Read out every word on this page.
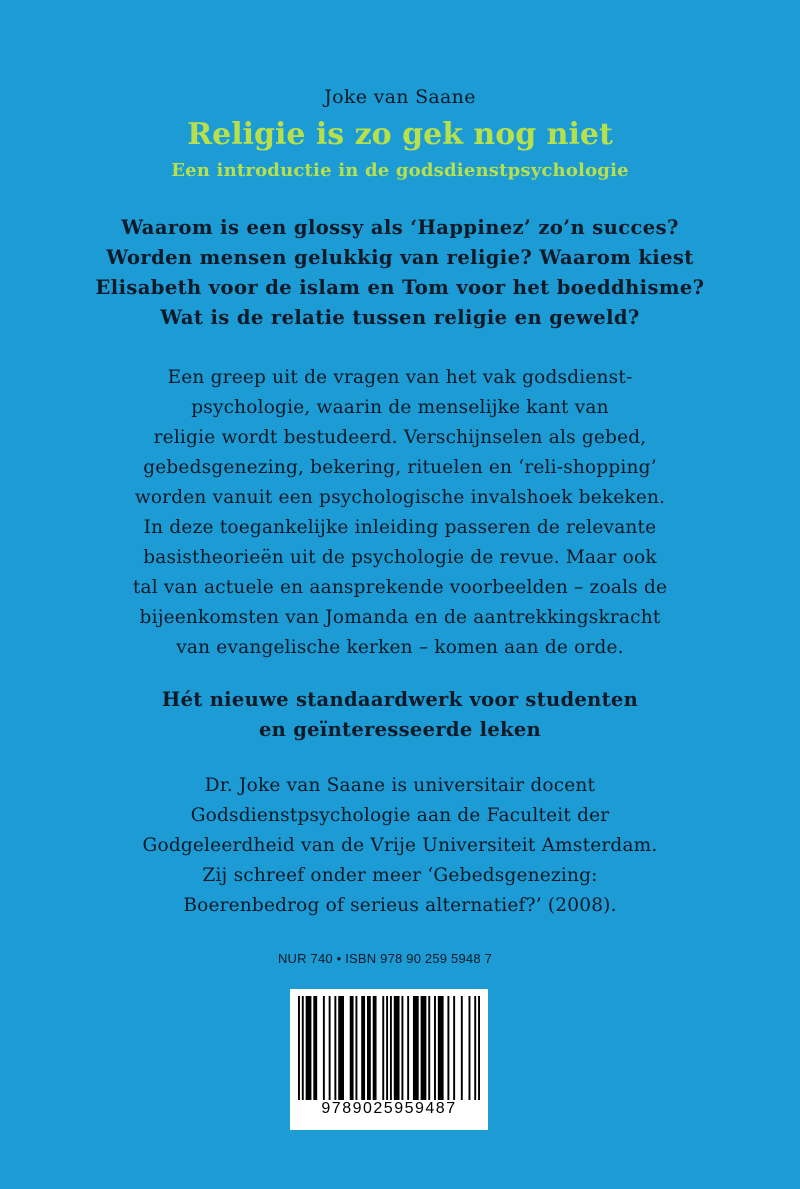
Joke van Saane
Religie is zo gek nog niet
Een introductie in de godsdienstpsychologie
Waarom is een glossy als ‘Happinez’ zo’n succes?
Worden mensen gelukkig van religie? Waarom kiest
Elisabeth voor de islam en Tom voor het boeddhisme?
Wat is de relatie tussen religie en geweld?
Een greep uit de vragen van het vak godsdienst-
psychologie, waarin de menselijke kant van
religie wordt bestudeerd. Verschijnselen als gebed,
gebedsgenezing, bekering, rituelen en ‘reli-shopping’
worden vanuit een psychologische invalshoek bekeken.
In deze toegankelijke inleiding passeren de relevante
basistheorieën uit de psychologie de revue. Maar ook
tal van actuele en aansprekende voorbeelden – zoals de
bijeenkomsten van Jomanda en de aantrekkingskracht
van evangelische kerken – komen aan de orde.
Hét nieuwe standaardwerk voor studenten
en geïnteresseerde leken
Dr. Joke van Saane is universitair docent
Godsdienstpsychologie aan de Faculteit der
Godgeleerdheid van de Vrije Universiteit Amsterdam.
Zij schreef onder meer ‘Gebedsgenezing:
Boerenbedrog of serieus alternatief?’ (2008).
NUR 740 • ISBN 978 90 259 5948 7
9789025959487
